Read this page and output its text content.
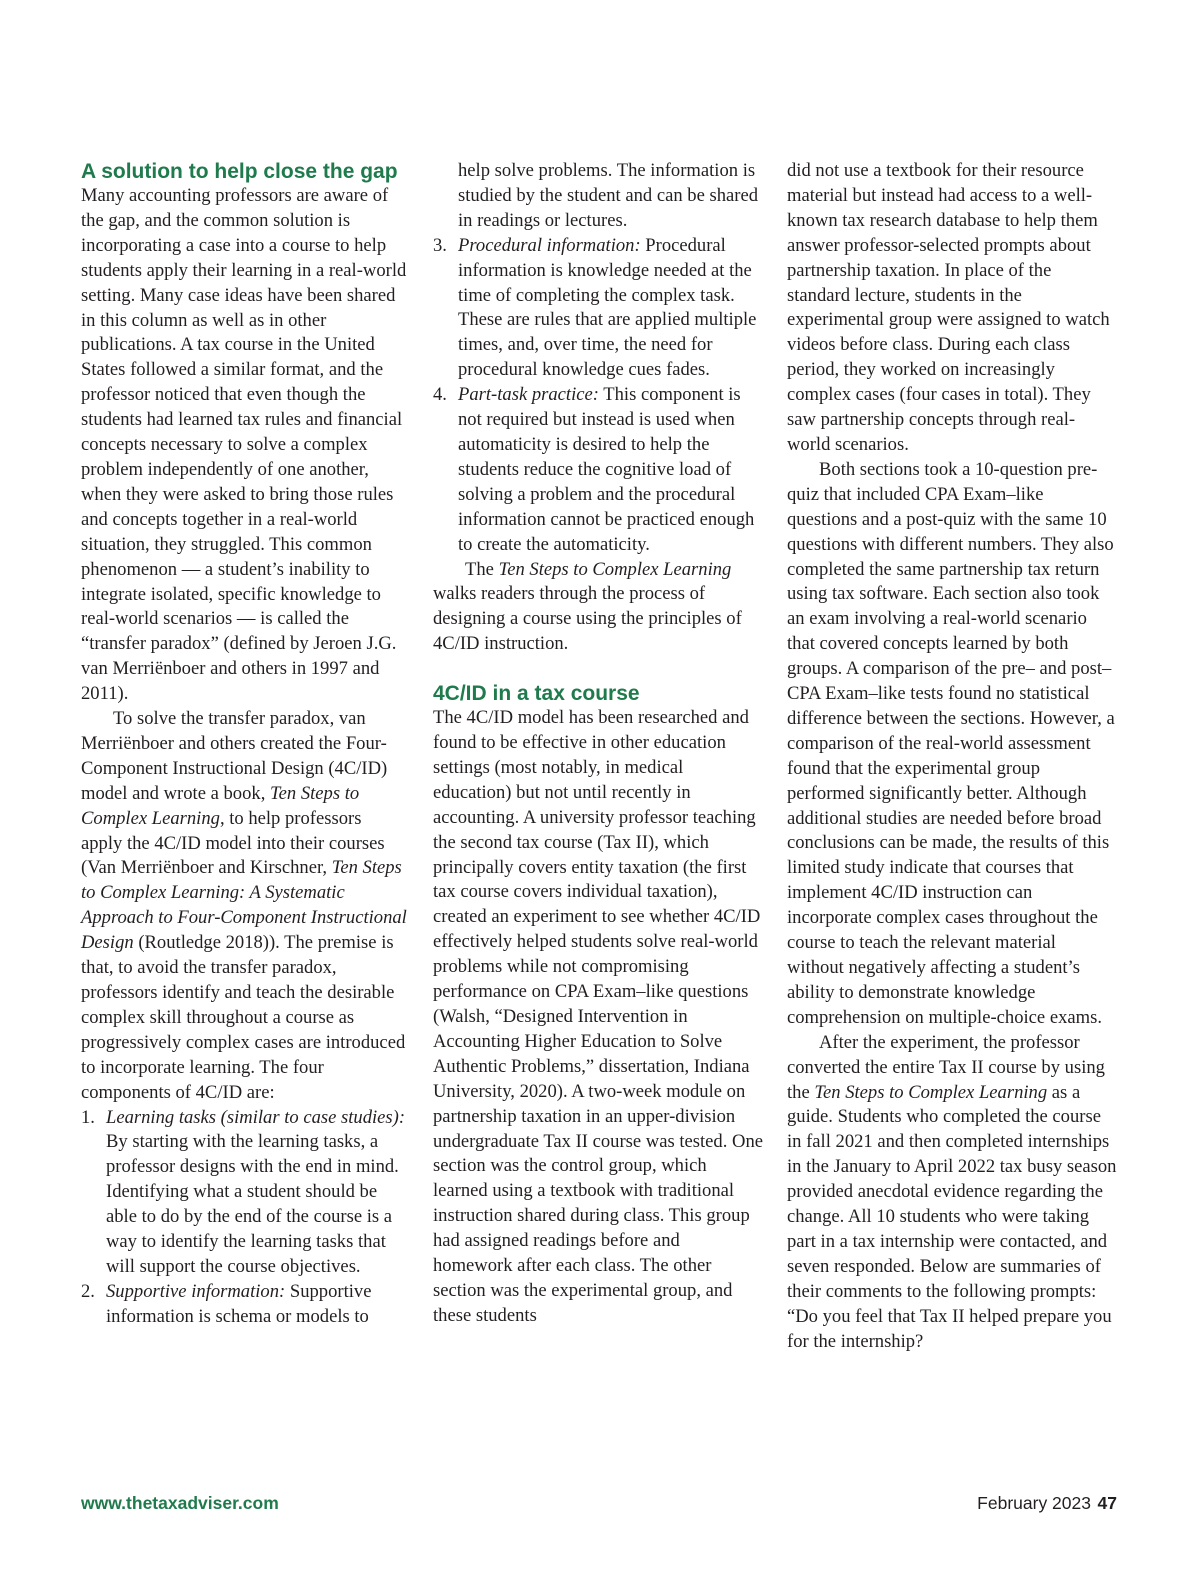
A solution to help close the gap

Many accounting professors are aware of the gap, and the common solution is incorporating a case into a course to help students apply their learning in a real-world setting. Many case ideas have been shared in this column as well as in other publications. A tax course in the United States followed a similar format, and the professor noticed that even though the students had learned tax rules and financial concepts necessary to solve a complex problem independently of one another, when they were asked to bring those rules and concepts together in a real-world situation, they struggled. This common phenomenon — a student’s inability to integrate isolated, specific knowledge to real-world scenarios — is called the “transfer paradox” (defined by Jeroen J.G. van Merriënboer and others in 1997 and 2011).

To solve the transfer paradox, van Merriënboer and others created the Four-Component Instructional Design (4C/ID) model and wrote a book, Ten Steps to Complex Learning, to help professors apply the 4C/ID model into their courses (Van Merriënboer and Kirschner, Ten Steps to Complex Learning: A Systematic Approach to Four-Component Instructional Design (Routledge 2018)). The premise is that, to avoid the transfer paradox, professors identify and teach the desirable complex skill throughout a course as progressively complex cases are introduced to incorporate learning. The four components of 4C/ID are:

1. Learning tasks (similar to case studies): By starting with the learning tasks, a professor designs with the end in mind. Identifying what a student should be able to do by the end of the course is a way to identify the learning tasks that will support the course objectives.
2. Supportive information: Supportive information is schema or models to
help solve problems. The information is studied by the student and can be shared in readings or lectures.
3. Procedural information: Procedural information is knowledge needed at the time of completing the complex task. These are rules that are applied multiple times, and, over time, the need for procedural knowledge cues fades.
4. Part-task practice: This component is not required but instead is used when automaticity is desired to help the students reduce the cognitive load of solving a problem and the procedural information cannot be practiced enough to create the automaticity.

The Ten Steps to Complex Learning walks readers through the process of designing a course using the principles of 4C/ID instruction.

4C/ID in a tax course

The 4C/ID model has been researched and found to be effective in other education settings (most notably, in medical education) but not until recently in accounting. A university professor teaching the second tax course (Tax II), which principally covers entity taxation (the first tax course covers individual taxation), created an experiment to see whether 4C/ID effectively helped students solve real-world problems while not compromising performance on CPA Exam–like questions (Walsh, “Designed Intervention in Accounting Higher Education to Solve Authentic Problems,” dissertation, Indiana University, 2020). A two-week module on partnership taxation in an upper-division undergraduate Tax II course was tested. One section was the control group, which learned using a textbook with traditional instruction shared during class. This group had assigned readings before and homework after each class. The other section was the experimental group, and these students

did not use a textbook for their resource material but instead had access to a well-known tax research database to help them answer professor-selected prompts about partnership taxation. In place of the standard lecture, students in the experimental group were assigned to watch videos before class. During each class period, they worked on increasingly complex cases (four cases in total). They saw partnership concepts through real-world scenarios.

Both sections took a 10-question pre-quiz that included CPA Exam–like questions and a post-quiz with the same 10 questions with different numbers. They also completed the same partnership tax return using tax software. Each section also took an exam involving a real-world scenario that covered concepts learned by both groups. A comparison of the pre– and post–CPA Exam–like tests found no statistical difference between the sections. However, a comparison of the real-world assessment found that the experimental group performed significantly better. Although additional studies are needed before broad conclusions can be made, the results of this limited study indicate that courses that implement 4C/ID instruction can incorporate complex cases throughout the course to teach the relevant material without negatively affecting a student’s ability to demonstrate knowledge comprehension on multiple-choice exams.

After the experiment, the professor converted the entire Tax II course by using the Ten Steps to Complex Learning as a guide. Students who completed the course in fall 2021 and then completed internships in the January to April 2022 tax busy season provided anecdotal evidence regarding the change. All 10 students who were taking part in a tax internship were contacted, and seven responded. Below are summaries of their comments to the following prompts: “Do you feel that Tax II helped prepare you for the internship?

www.thetaxadviser.com	February 2023 47
